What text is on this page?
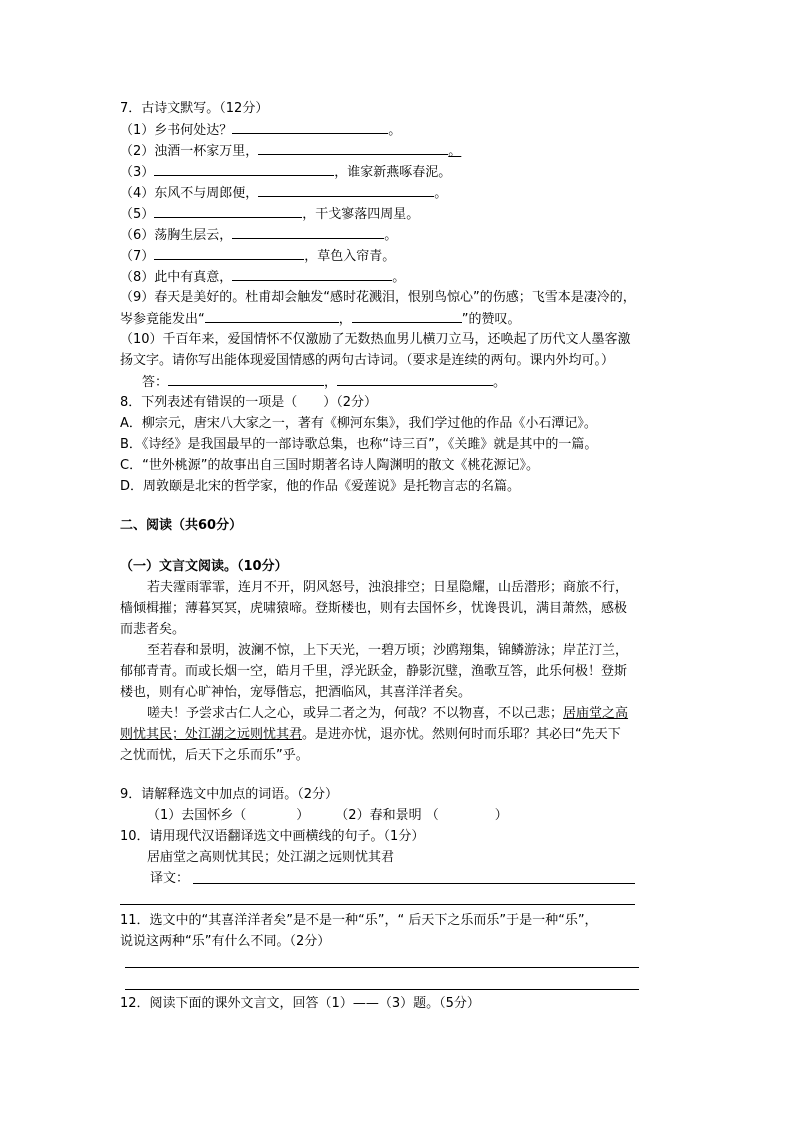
7．古诗文默写。（12分）
（1）乡书何处达？	。
（2）浊酒一杯家万里，	。
（3）	，谁家新燕啄春泥。
（4）东风不与周郎便，	。
（5）	，干戈寥落四周星。
（6）荡胸生层云，	。
（7）	，草色入帘青。
（8）此中有真意，	。
（9）春天是美好的。杜甫却会触发“感时花溅泪，恨别鸟惊心”的伤感；飞雪本是凄冷的，
岑参竟能发出“	，	”的赞叹。
（10）千百年来，爱国情怀不仅激励了无数热血男儿横刀立马，还唤起了历代文人墨客激
扬文字。请你写出能体现爱国情感的两句古诗词。（要求是连续的两句。课内外均可。）
答：	，	。
8．下列表述有错误的一项是（　　）（2分）
A．柳宗元，唐宋八大家之一，著有《柳河东集》，我们学过他的作品《小石潭记》。
B．《诗经》是我国最早的一部诗歌总集，也称“诗三百”，《关雎》就是其中的一篇。
C．“世外桃源”的故事出自三国时期著名诗人陶渊明的散文《桃花源记》。
D．周敦颐是北宋的哲学家，他的作品《爱莲说》是托物言志的名篇。
二、阅读（共60分）
（一）文言文阅读。（10分）
若夫霪雨霏霏，连月不开，阴风怒号，浊浪排空；日星隐耀，山岳潜形；商旅不行，
樯倾楫摧；薄暮冥冥，虎啸猿啼。登斯楼也，则有去国怀乡，忧谗畏讥，满目萧然，感极
而悲者矣。
至若春和景明，波澜不惊，上下天光，一碧万顷；沙鸥翔集，锦鳞游泳；岸芷汀兰，
郁郁青青。而或长烟一空，皓月千里，浮光跃金，静影沉璧，渔歌互答，此乐何极！登斯
楼也，则有心旷神怡，宠辱偕忘，把酒临风，其喜洋洋者矣。
嗟夫！予尝求古仁人之心，或异二者之为，何哉？不以物喜，不以己悲；居庙堂之高
则忧其民；处江湖之远则忧其君。是进亦忧，退亦忧。然则何时而乐耶？其必曰“先天下
之忧而忧，后天下之乐而乐”乎。
9．请解释选文中加点的词语。（2分）
（1）去国怀乡（	） （2）春和景明 （	）
10．请用现代汉语翻译选文中画横线的句子。（1分）
居庙堂之高则忧其民；处江湖之远则忧其君
译文：
11．选文中的“其喜洋洋者矣”是不是一种“乐”，“ 后天下之乐而乐”于是一种“乐”，
说说这两种“乐”有什么不同。（2分）
12．阅读下面的课外文言文，回答（1）——（3）题。（5分）
